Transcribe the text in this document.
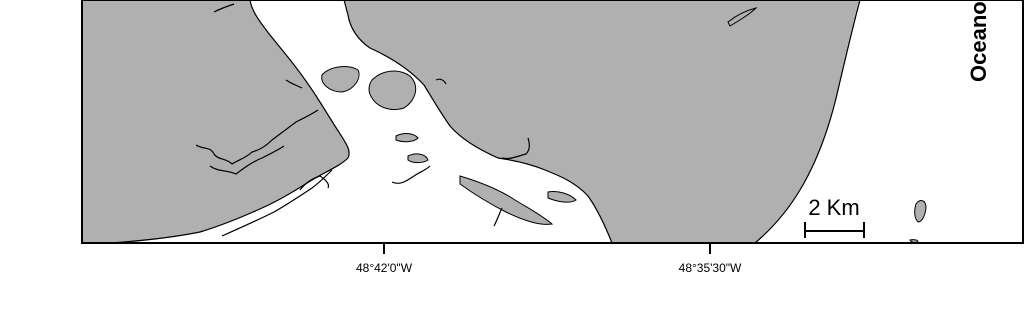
48°42'0"W	48°35'30"W
2 Km
Oceano
